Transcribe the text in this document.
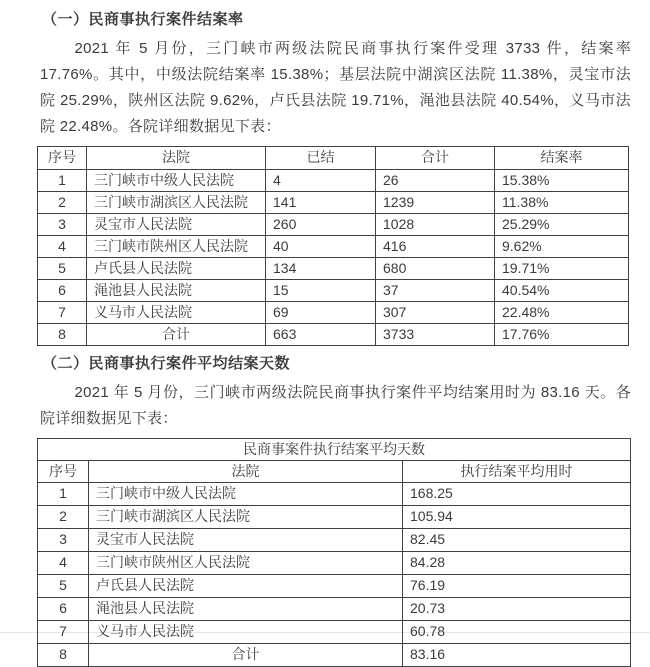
（一）民商事执行案件结案率

2021 年 5 月份，三门峡市两级法院民商事执行案件受理 3733 件，结案率 17.76%。其中，中级法院结案率 15.38%；基层法院中湖滨区法院 11.38%，灵宝市法院 25.29%，陕州区法院 9.62%，卢氏县法院 19.71%，渑池县法院 40.54%，义马市法院 22.48%。各院详细数据见下表：

序号	法院	已结	合计	结案率
1	三门峡市中级人民法院	4	26	15.38%
2	三门峡市湖滨区人民法院	141	1239	11.38%
3	灵宝市人民法院	260	1028	25.29%
4	三门峡市陕州区人民法院	40	416	9.62%
5	卢氏县人民法院	134	680	19.71%
6	渑池县人民法院	15	37	40.54%
7	义马市人民法院	69	307	22.48%
8	合计	663	3733	17.76%
（二）民商事执行案件平均结案天数

2021 年 5 月份，三门峡市两级法院民商事执行案件平均结案用时为 83.16 天。各院详细数据见下表：

民商事案件执行结案平均天数		
序号	法院	执行结案平均用时
1	三门峡市中级人民法院	168.25
2	三门峡市湖滨区人民法院	105.94
3	灵宝市人民法院	82.45
4	三门峡市陕州区人民法院	84.28
5	卢氏县人民法院	76.19
6	渑池县人民法院	20.73
7	义马市人民法院	60.78
8	合计	83.16
